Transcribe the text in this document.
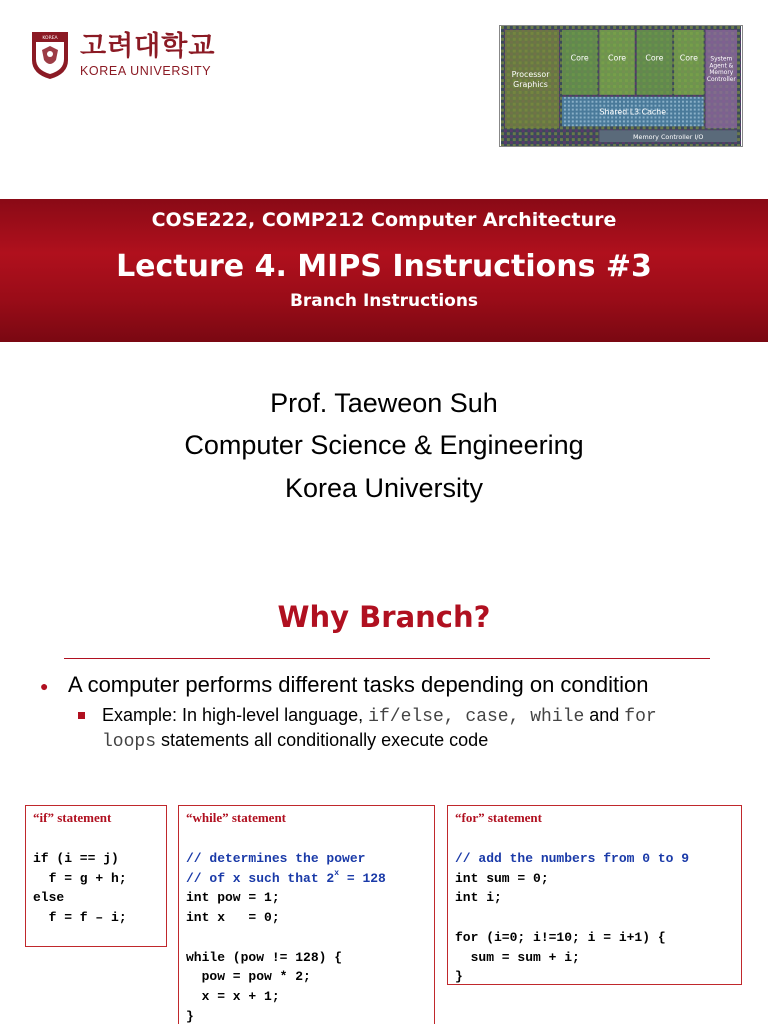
KOREA 고려대학교
KOREA UNIVERSITY	Processor
Graphics
Core Core Core Core System
Agent &
Memory
Controller
Shared L3 Cache
Memory Controller I/O
COSE222, COMP212 Computer Architecture
Lecture 4. MIPS Instructions #3
Branch Instructions
Prof. Taeweon Suh
Computer Science & Engineering
Korea University
Why Branch?
● A computer performs different tasks depending on condition
Example: In high-level language, if/else, case, while and for
loops statements all conditionally execute code
“if” statement
if (i == j)
f = g + h;
else
f = f – i;
“while” statement
// determines the power
// of x such that $2^x = 128$
int pow = 1;
int x   = 0;
while (pow != 128) {
pow = pow * 2;
x = x + 1;
}
“for” statement
// add the numbers from 0 to 9
int sum = 0;
int i;
for (i=0; i!=10; i = i+1) {
sum = sum + i;
}
